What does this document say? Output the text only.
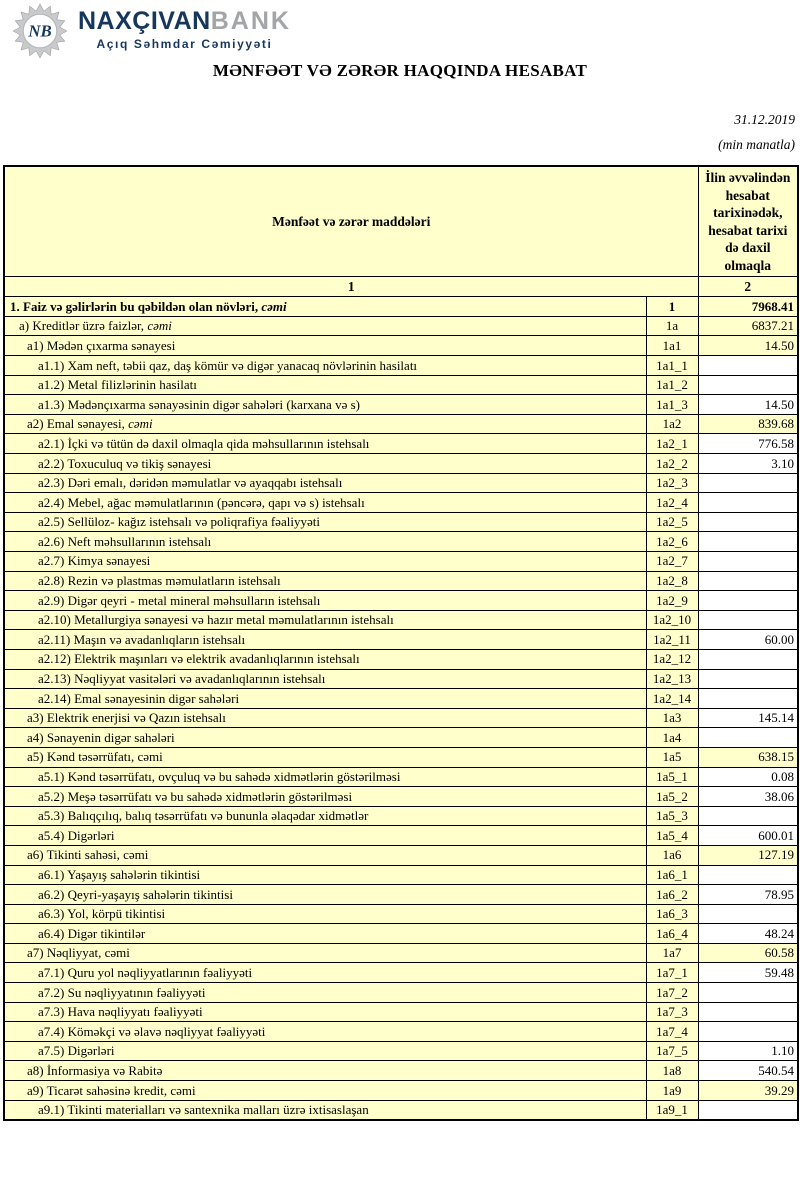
NB NAXÇIVANBANK
Açıq Səhmdar Cəmiyyəti
MƏNFƏƏT VƏ ZƏRƏR HAQQINDA HESABAT
31.12.2019
(min manatla)
Mənfəət və zərər maddələri		İlin əvvəlindən hesabat tarixinədək, hesabat tarixi də daxil olmaqla
1		2
1. Faiz və gəlirlərin bu qəbildən olan növləri, cəmi	1	7968.41
a) Kreditlər üzrə faizlər, cəmi	1a	6837.21
a1) Mədən çıxarma sənayesi	1a1	14.50
a1.1) Xam neft, təbii qaz, daş kömür və digər yanacaq növlərinin hasilatı	1a1_1	
a1.2) Metal filizlərinin hasilatı	1a1_2	
a1.3) Mədənçıxarma sənayəsinin digər sahələri (karxana və s)	1a1_3	14.50
a2) Emal sənayesi, cəmi	1a2	839.68
a2.1) İçki və tütün də daxil olmaqla qida məhsullarının istehsalı	1a2_1	776.58
a2.2) Toxuculuq və tikiş sənayesi	1a2_2	3.10
a2.3) Dəri emalı, dəridən məmulatlar və ayaqqabı istehsalı	1a2_3	
a2.4) Mebel, ağac məmulatlarının (pəncərə, qapı və s) istehsalı	1a2_4	
a2.5) Sellüloz- kağız istehsalı və poliqrafiya fəaliyyəti	1a2_5	
a2.6) Neft məhsullarının istehsalı	1a2_6	
a2.7) Kimya sənayesi	1a2_7	
a2.8) Rezin və plastmas məmulatların istehsalı	1a2_8	
a2.9) Digər qeyri - metal mineral məhsulların istehsalı	1a2_9	
a2.10) Metallurgiya sənayesi və hazır metal məmulatlarının istehsalı	1a2_10	
a2.11) Maşın və avadanlıqların istehsalı	1a2_11	60.00
a2.12) Elektrik maşınları və elektrik avadanlıqlarının istehsalı	1a2_12	
a2.13) Nəqliyyat vasitələri və avadanlıqlarının istehsalı	1a2_13	
a2.14) Emal sənayesinin digər sahələri	1a2_14	
a3) Elektrik enerjisi və Qazın istehsalı	1a3	145.14
a4) Sənayenin digər sahələri	1a4	
a5) Kənd təsərrüfatı, cəmi	1a5	638.15
a5.1) Kənd təsərrüfatı, ovçuluq və bu sahədə xidmətlərin göstərilməsi	1a5_1	0.08
a5.2) Meşə təsərrüfatı və bu sahədə xidmətlərin göstərilməsi	1a5_2	38.06
a5.3) Balıqçılıq, balıq təsərrüfatı və bununla əlaqədar xidmətlər	1a5_3	
a5.4) Digərləri	1a5_4	600.01
a6) Tikinti sahəsi, cəmi	1a6	127.19
a6.1) Yaşayış sahələrin tikintisi	1a6_1	
a6.2) Qeyri-yaşayış sahələrin tikintisi	1a6_2	78.95
a6.3) Yol, körpü tikintisi	1a6_3	
a6.4) Digər tikintilər	1a6_4	48.24
a7) Nəqliyyat, cəmi	1a7	60.58
a7.1) Quru yol nəqliyyatlarının fəaliyyəti	1a7_1	59.48
a7.2) Su nəqliyyatının fəaliyyəti	1a7_2	
a7.3) Hava nəqliyyatı fəaliyyəti	1a7_3	
a7.4) Köməkçi və əlavə nəqliyyat fəaliyyəti	1a7_4	
a7.5) Digərləri	1a7_5	1.10
a8) İnformasiya və Rabitə	1a8	540.54
a9) Ticarət sahəsinə kredit, cəmi	1a9	39.29
a9.1) Tikinti materialları və santexnika malları üzrə ixtisaslaşan	1a9_1	
